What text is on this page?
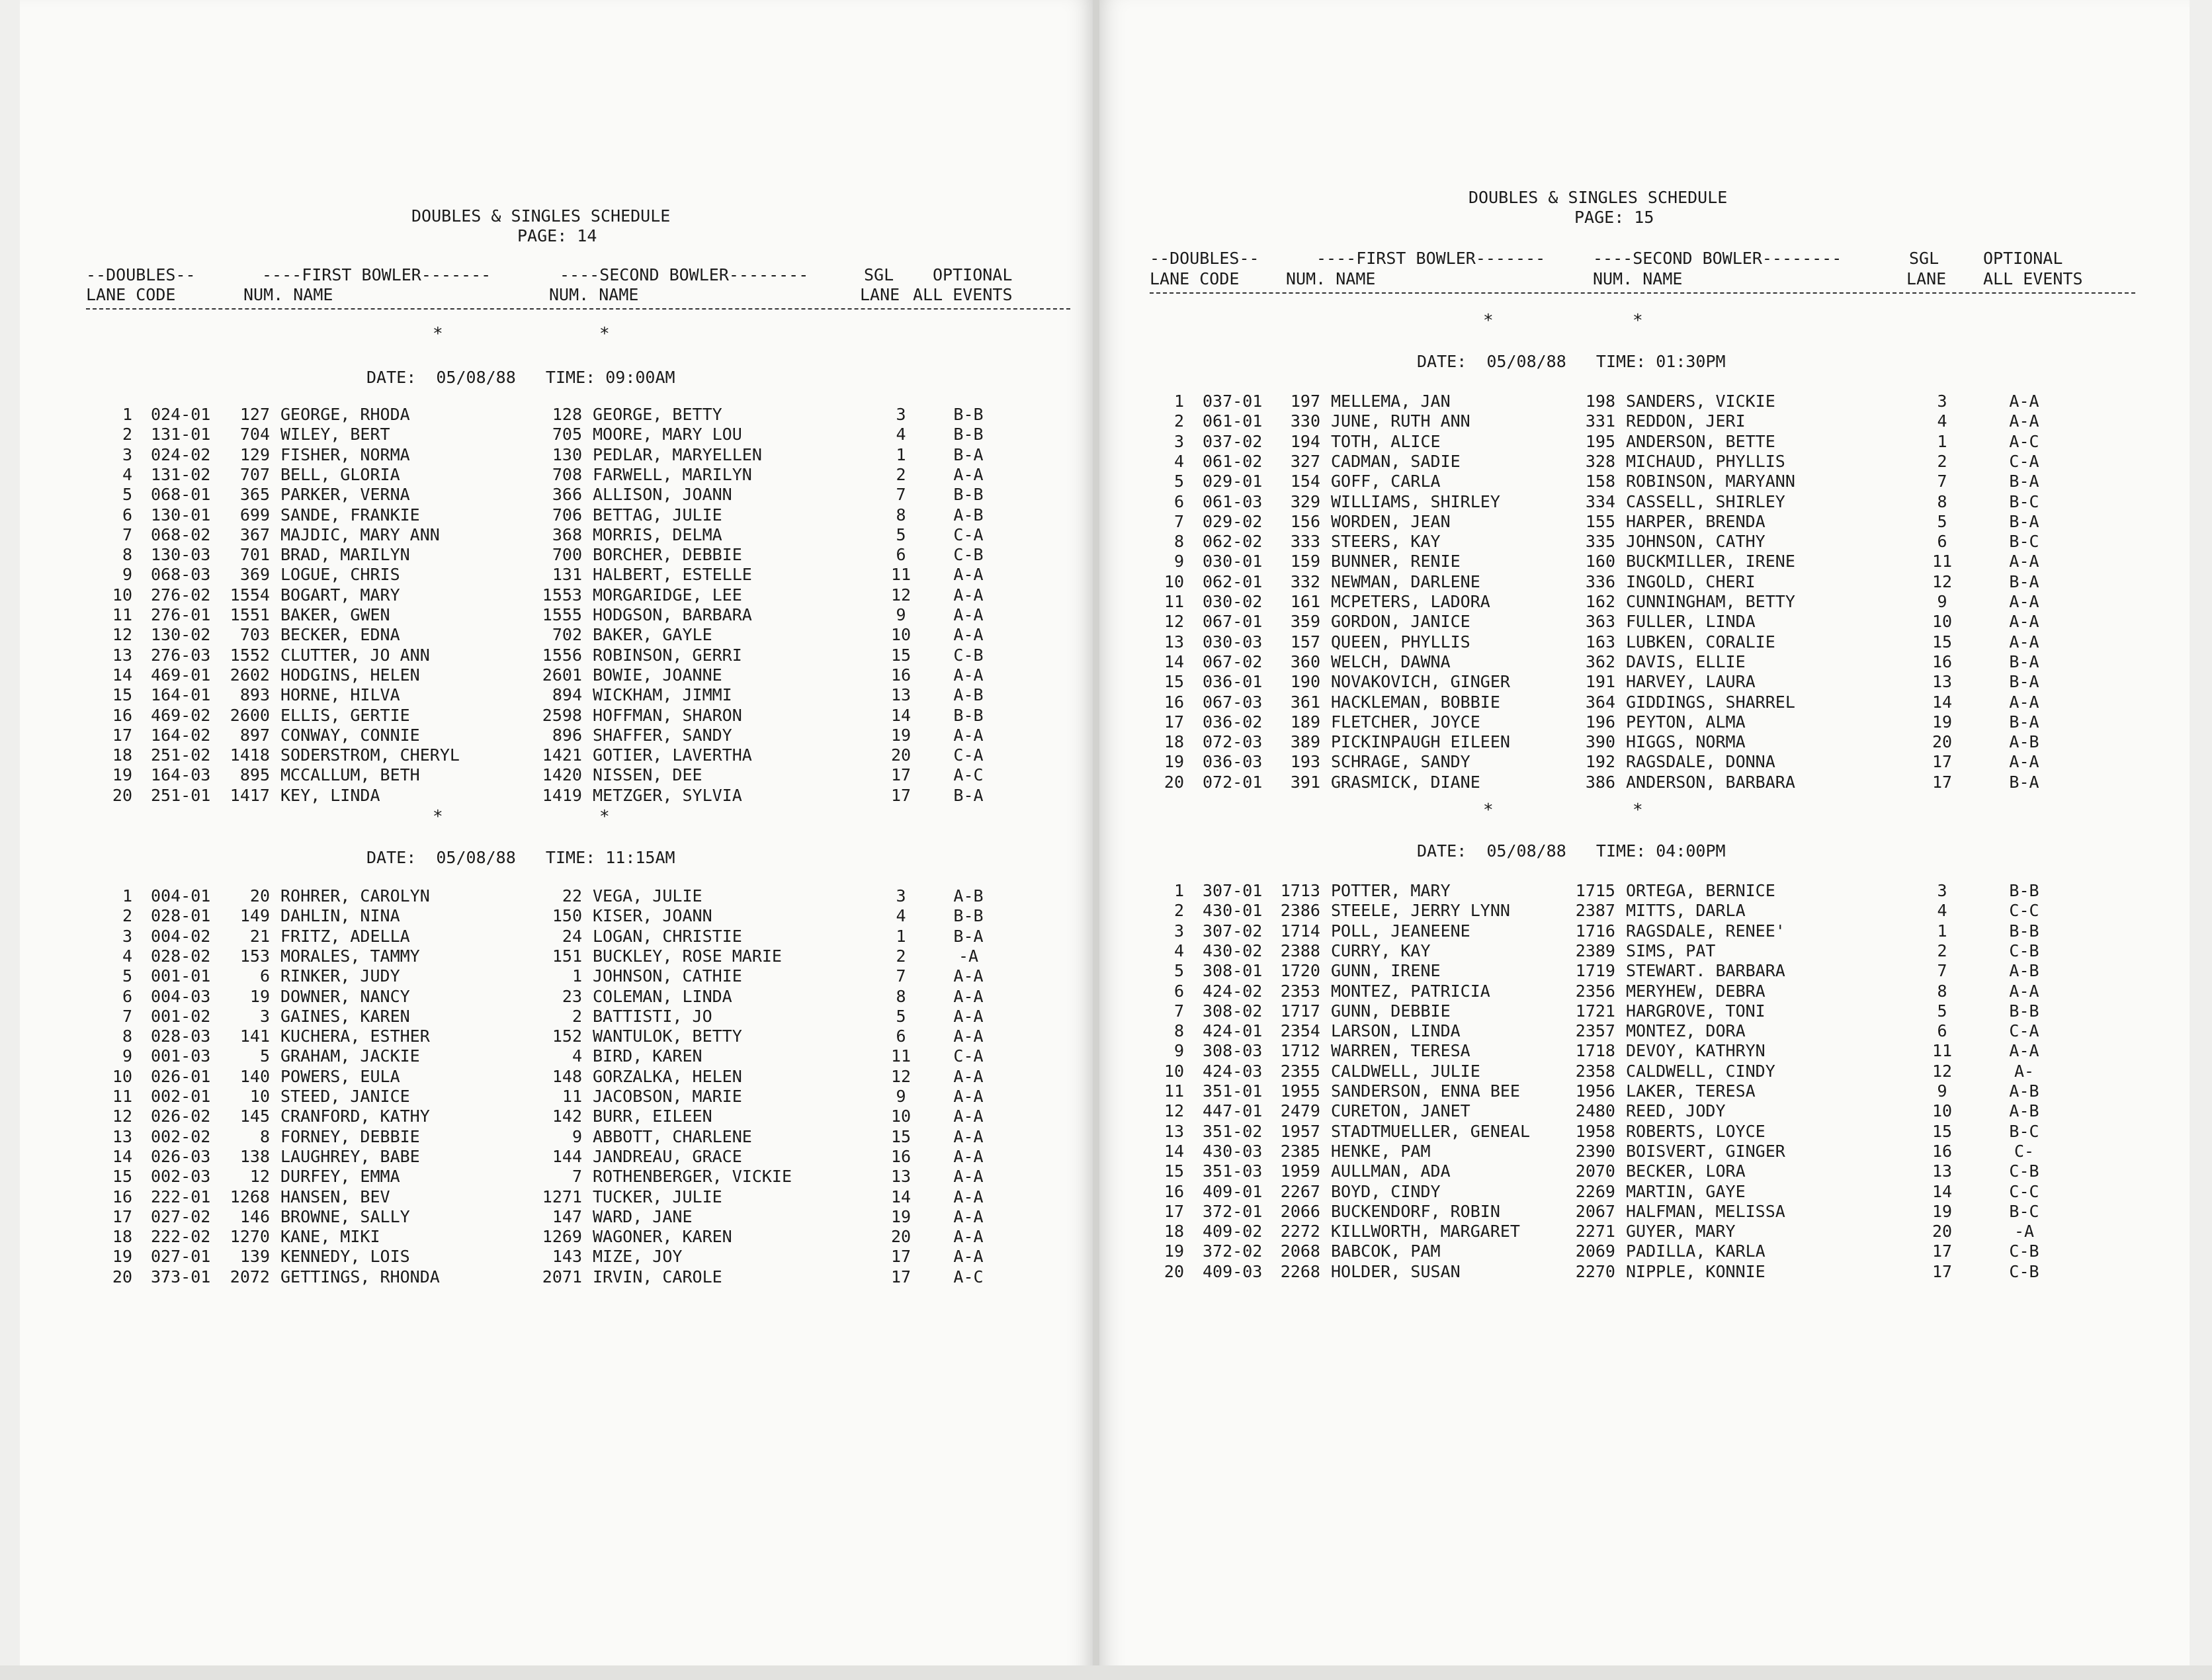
DOUBLES & SINGLES SCHEDULE
PAGE: 14
--DOUBLES--	----FIRST BOWLER-------	----SECOND BOWLER--------	SGL OPTIONAL
LANE CODE	NUM. NAME	NUM. NAME	LANE ALL EVENTS
*	*
DATE:  05/08/88   TIME: 09:00AM
1 024-01	127 GEORGE, RHODA	128 GEORGE, BETTY	3	B-B
2 131-01	704 WILEY, BERT	705 MOORE, MARY LOU	4	B-B
3 024-02	129 FISHER, NORMA	130 PEDLAR, MARYELLEN	1	B-A
4 131-02	707 BELL, GLORIA	708 FARWELL, MARILYN	2	A-A
5 068-01	365 PARKER, VERNA	366 ALLISON, JOANN	7	B-B
6 130-01	699 SANDE, FRANKIE	706 BETTAG, JULIE	8	A-B
7 068-02	367 MAJDIC, MARY ANN	368 MORRIS, DELMA	5	C-A
8 130-03	701 BRAD, MARILYN	700 BORCHER, DEBBIE	6	C-B
9 068-03	369 LOGUE, CHRIS	131 HALBERT, ESTELLE	11	A-A
10 276-02	1554 BOGART, MARY	1553 MORGARIDGE, LEE	12	A-A
11 276-01	1551 BAKER, GWEN	1555 HODGSON, BARBARA	9	A-A
12 130-02	703 BECKER, EDNA	702 BAKER, GAYLE	10	A-A
13 276-03	1552 CLUTTER, JO ANN	1556 ROBINSON, GERRI	15	C-B
14 469-01	2602 HODGINS, HELEN	2601 BOWIE, JOANNE	16	A-A
15 164-01	893 HORNE, HILVA	894 WICKHAM, JIMMI	13	A-B
16 469-02	2600 ELLIS, GERTIE	2598 HOFFMAN, SHARON	14	B-B
17 164-02	897 CONWAY, CONNIE	896 SHAFFER, SANDY	19	A-A
18 251-02	1418 SODERSTROM, CHERYL	1421 GOTIER, LAVERTHA	20	C-A
19 164-03	895 MCCALLUM, BETH	1420 NISSEN, DEE	17	A-C
20 251-01	1417 KEY, LINDA	1419 METZGER, SYLVIA	17	B-A
*	*
DATE:  05/08/88   TIME: 11:15AM
1 004-01	20 ROHRER, CAROLYN	22 VEGA, JULIE	3	A-B
2 028-01	149 DAHLIN, NINA	150 KISER, JOANN	4	B-B
3 004-02	21 FRITZ, ADELLA	24 LOGAN, CHRISTIE	1	B-A
4 028-02	153 MORALES, TAMMY	151 BUCKLEY, ROSE MARIE	2	-A
5 001-01	6 RINKER, JUDY	1 JOHNSON, CATHIE	7	A-A
6 004-03	19 DOWNER, NANCY	23 COLEMAN, LINDA	8	A-A
7 001-02	3 GAINES, KAREN	2 BATTISTI, JO	5	A-A
8 028-03	141 KUCHERA, ESTHER	152 WANTULOK, BETTY	6	A-A
9 001-03	5 GRAHAM, JACKIE	4 BIRD, KAREN	11	C-A
10 026-01	140 POWERS, EULA	148 GORZALKA, HELEN	12	A-A
11 002-01	10 STEED, JANICE	11 JACOBSON, MARIE	9	A-A
12 026-02	145 CRANFORD, KATHY	142 BURR, EILEEN	10	A-A
13 002-02	8 FORNEY, DEBBIE	9 ABBOTT, CHARLENE	15	A-A
14 026-03	138 LAUGHREY, BABE	144 JANDREAU, GRACE	16	A-A
15 002-03	12 DURFEY, EMMA	7 ROTHENBERGER, VICKIE	13	A-A
16 222-01	1268 HANSEN, BEV	1271 TUCKER, JULIE	14	A-A
17 027-02	146 BROWNE, SALLY	147 WARD, JANE	19	A-A
18 222-02	1270 KANE, MIKI	1269 WAGONER, KAREN	20	A-A
19 027-01	139 KENNEDY, LOIS	143 MIZE, JOY	17	A-A
20 373-01	2072 GETTINGS, RHONDA	2071 IRVIN, CAROLE	17	A-C
DOUBLES & SINGLES SCHEDULE
PAGE: 15
--DOUBLES--	----FIRST BOWLER-------	----SECOND BOWLER--------	SGL	OPTIONAL
LANE CODE	NUM. NAME	NUM. NAME	LANE ALL EVENTS
*	*
DATE:  05/08/88   TIME: 01:30PM
1 037-01	197 MELLEMA, JAN	198 SANDERS, VICKIE	3	A-A
2 061-01	330 JUNE, RUTH ANN	331 REDDON, JERI	4	A-A
3 037-02	194 TOTH, ALICE	195 ANDERSON, BETTE	1	A-C
4 061-02	327 CADMAN, SADIE	328 MICHAUD, PHYLLIS	2	C-A
5 029-01	154 GOFF, CARLA	158 ROBINSON, MARYANN	7	B-A
6 061-03	329 WILLIAMS, SHIRLEY	334 CASSELL, SHIRLEY	8	B-C
7 029-02	156 WORDEN, JEAN	155 HARPER, BRENDA	5	B-A
8 062-02	333 STEERS, KAY	335 JOHNSON, CATHY	6	B-C
9 030-01	159 BUNNER, RENIE	160 BUCKMILLER, IRENE	11	A-A
10 062-01	332 NEWMAN, DARLENE	336 INGOLD, CHERI	12	B-A
11 030-02	161 MCPETERS, LADORA	162 CUNNINGHAM, BETTY	9	A-A
12 067-01	359 GORDON, JANICE	363 FULLER, LINDA	10	A-A
13 030-03	157 QUEEN, PHYLLIS	163 LUBKEN, CORALIE	15	A-A
14 067-02	360 WELCH, DAWNA	362 DAVIS, ELLIE	16	B-A
15 036-01	190 NOVAKOVICH, GINGER	191 HARVEY, LAURA	13	B-A
16 067-03	361 HACKLEMAN, BOBBIE	364 GIDDINGS, SHARREL	14	A-A
17 036-02	189 FLETCHER, JOYCE	196 PEYTON, ALMA	19	B-A
18 072-03	389 PICKINPAUGH EILEEN	390 HIGGS, NORMA	20	A-B
19 036-03	193 SCHRAGE, SANDY	192 RAGSDALE, DONNA	17	A-A
20 072-01	391 GRASMICK, DIANE	386 ANDERSON, BARBARA	17	B-A
*	*
DATE:  05/08/88   TIME: 04:00PM
1 307-01	1713 POTTER, MARY	1715 ORTEGA, BERNICE	3	B-B
2 430-01	2386 STEELE, JERRY LYNN	2387 MITTS, DARLA	4	C-C
3 307-02	1714 POLL, JEANEENE	1716 RAGSDALE, RENEE'	1	B-B
4 430-02	2388 CURRY, KAY	2389 SIMS, PAT	2	C-B
5 308-01	1720 GUNN, IRENE	1719 STEWART. BARBARA	7	A-B
6 424-02	2353 MONTEZ, PATRICIA	2356 MERYHEW, DEBRA	8	A-A
7 308-02	1717 GUNN, DEBBIE	1721 HARGROVE, TONI	5	B-B
8 424-01	2354 LARSON, LINDA	2357 MONTEZ, DORA	6	C-A
9 308-03	1712 WARREN, TERESA	1718 DEVOY, KATHRYN	11	A-A
10 424-03	2355 CALDWELL, JULIE	2358 CALDWELL, CINDY	12	A-
11 351-01	1955 SANDERSON, ENNA BEE	1956 LAKER, TERESA	9	A-B
12 447-01	2479 CURETON, JANET	2480 REED, JODY	10	A-B
13 351-02	1957 STADTMUELLER, GENEAL	1958 ROBERTS, LOYCE	15	B-C
14 430-03	2385 HENKE, PAM	2390 BOISVERT, GINGER	16	C-
15 351-03	1959 AULLMAN, ADA	2070 BECKER, LORA	13	C-B
16 409-01	2267 BOYD, CINDY	2269 MARTIN, GAYE	14	C-C
17 372-01	2066 BUCKENDORF, ROBIN	2067 HALFMAN, MELISSA	19	B-C
18 409-02	2272 KILLWORTH, MARGARET	2271 GUYER, MARY	20	-A
19 372-02	2068 BABCOK, PAM	2069 PADILLA, KARLA	17	C-B
20 409-03	2268 HOLDER, SUSAN	2270 NIPPLE, KONNIE	17	C-B
